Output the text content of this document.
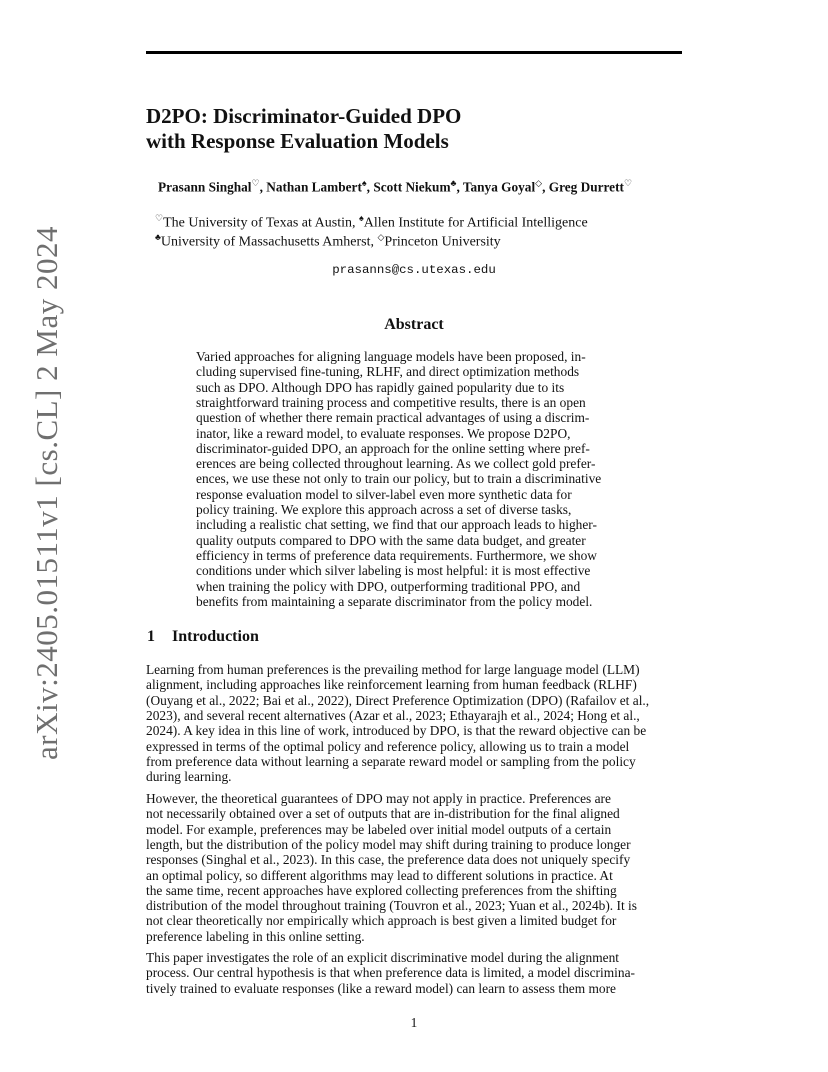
arXiv:2405.01511v1 [cs.CL] 2 May 2024
D2PO: Discriminator-Guided DPO
with Response Evaluation Models
Prasann Singhal♡, Nathan Lambert♠, Scott Niekum♣, Tanya Goyal◇, Greg Durrett♡
♡The University of Texas at Austin, ♠Allen Institute for Artificial Intelligence
♣University of Massachusetts Amherst, ◇Princeton University
prasanns@cs.utexas.edu
Abstract
Varied approaches for aligning language models have been proposed, in-
cluding supervised fine-tuning, RLHF, and direct optimization methods
such as DPO. Although DPO has rapidly gained popularity due to its
straightforward training process and competitive results, there is an open
question of whether there remain practical advantages of using a discrim-
inator, like a reward model, to evaluate responses. We propose D2PO,
discriminator-guided DPO, an approach for the online setting where pref-
erences are being collected throughout learning. As we collect gold prefer-
ences, we use these not only to train our policy, but to train a discriminative
response evaluation model to silver-label even more synthetic data for
policy training. We explore this approach across a set of diverse tasks,
including a realistic chat setting, we find that our approach leads to higher-
quality outputs compared to DPO with the same data budget, and greater
efficiency in terms of preference data requirements. Furthermore, we show
conditions under which silver labeling is most helpful: it is most effective
when training the policy with DPO, outperforming traditional PPO, and
benefits from maintaining a separate discriminator from the policy model.
1 Introduction
Learning from human preferences is the prevailing method for large language model (LLM)
alignment, including approaches like reinforcement learning from human feedback (RLHF)
(Ouyang et al., 2022; Bai et al., 2022), Direct Preference Optimization (DPO) (Rafailov et al.,
2023), and several recent alternatives (Azar et al., 2023; Ethayarajh et al., 2024; Hong et al.,
2024). A key idea in this line of work, introduced by DPO, is that the reward objective can be
expressed in terms of the optimal policy and reference policy, allowing us to train a model
from preference data without learning a separate reward model or sampling from the policy
during learning.
However, the theoretical guarantees of DPO may not apply in practice. Preferences are
not necessarily obtained over a set of outputs that are in-distribution for the final aligned
model. For example, preferences may be labeled over initial model outputs of a certain
length, but the distribution of the policy model may shift during training to produce longer
responses (Singhal et al., 2023). In this case, the preference data does not uniquely specify
an optimal policy, so different algorithms may lead to different solutions in practice. At
the same time, recent approaches have explored collecting preferences from the shifting
distribution of the model throughout training (Touvron et al., 2023; Yuan et al., 2024b). It is
not clear theoretically nor empirically which approach is best given a limited budget for
preference labeling in this online setting.
This paper investigates the role of an explicit discriminative model during the alignment
process. Our central hypothesis is that when preference data is limited, a model discrimina-
tively trained to evaluate responses (like a reward model) can learn to assess them more
1
